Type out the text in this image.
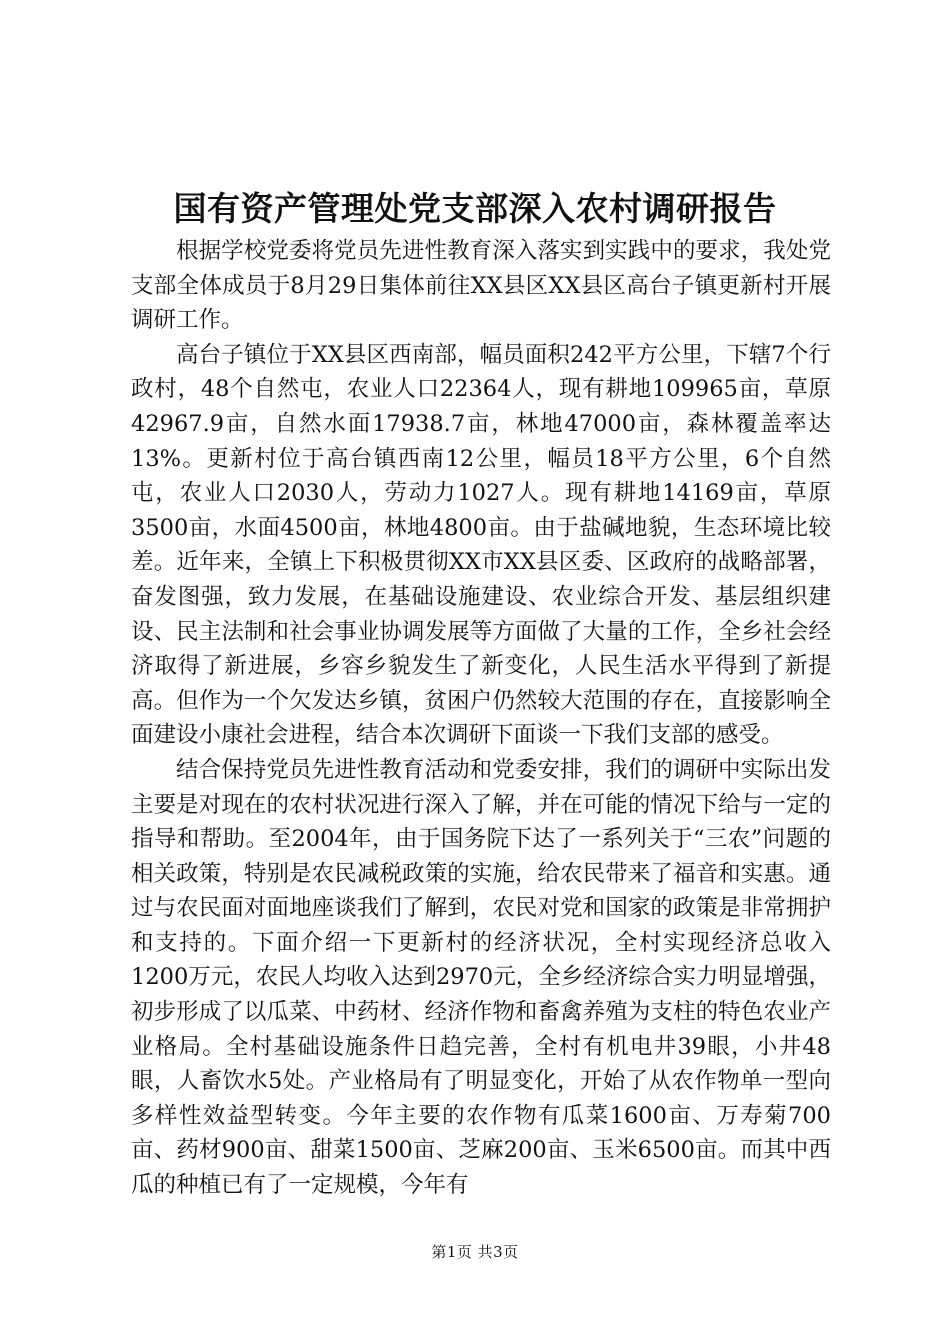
国有资产管理处党支部深入农村调研报告

根据学校党委将党员先进性教育深入落实到实践中的要求，我处党支部全体成员于8月29日集体前往XX县区XX县区高台子镇更新村开展调研工作。

高台子镇位于XX县区西南部，幅员面积242平方公里，下辖7个行政村，48个自然屯，农业人口22364人，现有耕地109965亩，草原42967.9亩，自然水面17938.7亩，林地47000亩，森林覆盖率达13%。更新村位于高台镇西南12公里，幅员18平方公里，6个自然屯，农业人口2030人，劳动力1027人。现有耕地14169亩，草原3500亩，水面4500亩，林地4800亩。由于盐碱地貌，生态环境比较差。近年来，全镇上下积极贯彻XX市XX县区委、区政府的战略部署，奋发图强，致力发展，在基础设施建设、农业综合开发、基层组织建设、民主法制和社会事业协调发展等方面做了大量的工作，全乡社会经济取得了新进展，乡容乡貌发生了新变化，人民生活水平得到了新提高。但作为一个欠发达乡镇，贫困户仍然较大范围的存在，直接影响全面建设小康社会进程，结合本次调研下面谈一下我们支部的感受。

结合保持党员先进性教育活动和党委安排，我们的调研中实际出发主要是对现在的农村状况进行深入了解，并在可能的情况下给与一定的指导和帮助。至2004年，由于国务院下达了一系列关于“三农”问题的相关政策，特别是农民减税政策的实施，给农民带来了福音和实惠。通过与农民面对面地座谈我们了解到，农民对党和国家的政策是非常拥护和支持的。下面介绍一下更新村的经济状况，全村实现经济总收入1200万元，农民人均收入达到2970元，全乡经济综合实力明显增强，初步形成了以瓜菜、中药材、经济作物和畜禽养殖为支柱的特色农业产业格局。全村基础设施条件日趋完善，全村有机电井39眼，小井48眼，人畜饮水5处。产业格局有了明显变化，开始了从农作物单一型向多样性效益型转变。今年主要的农作物有瓜菜1600亩、万寿菊700亩、药材900亩、甜菜1500亩、芝麻200亩、玉米6500亩。而其中西瓜的种植已有了一定规模，今年有

第1页 共3页
